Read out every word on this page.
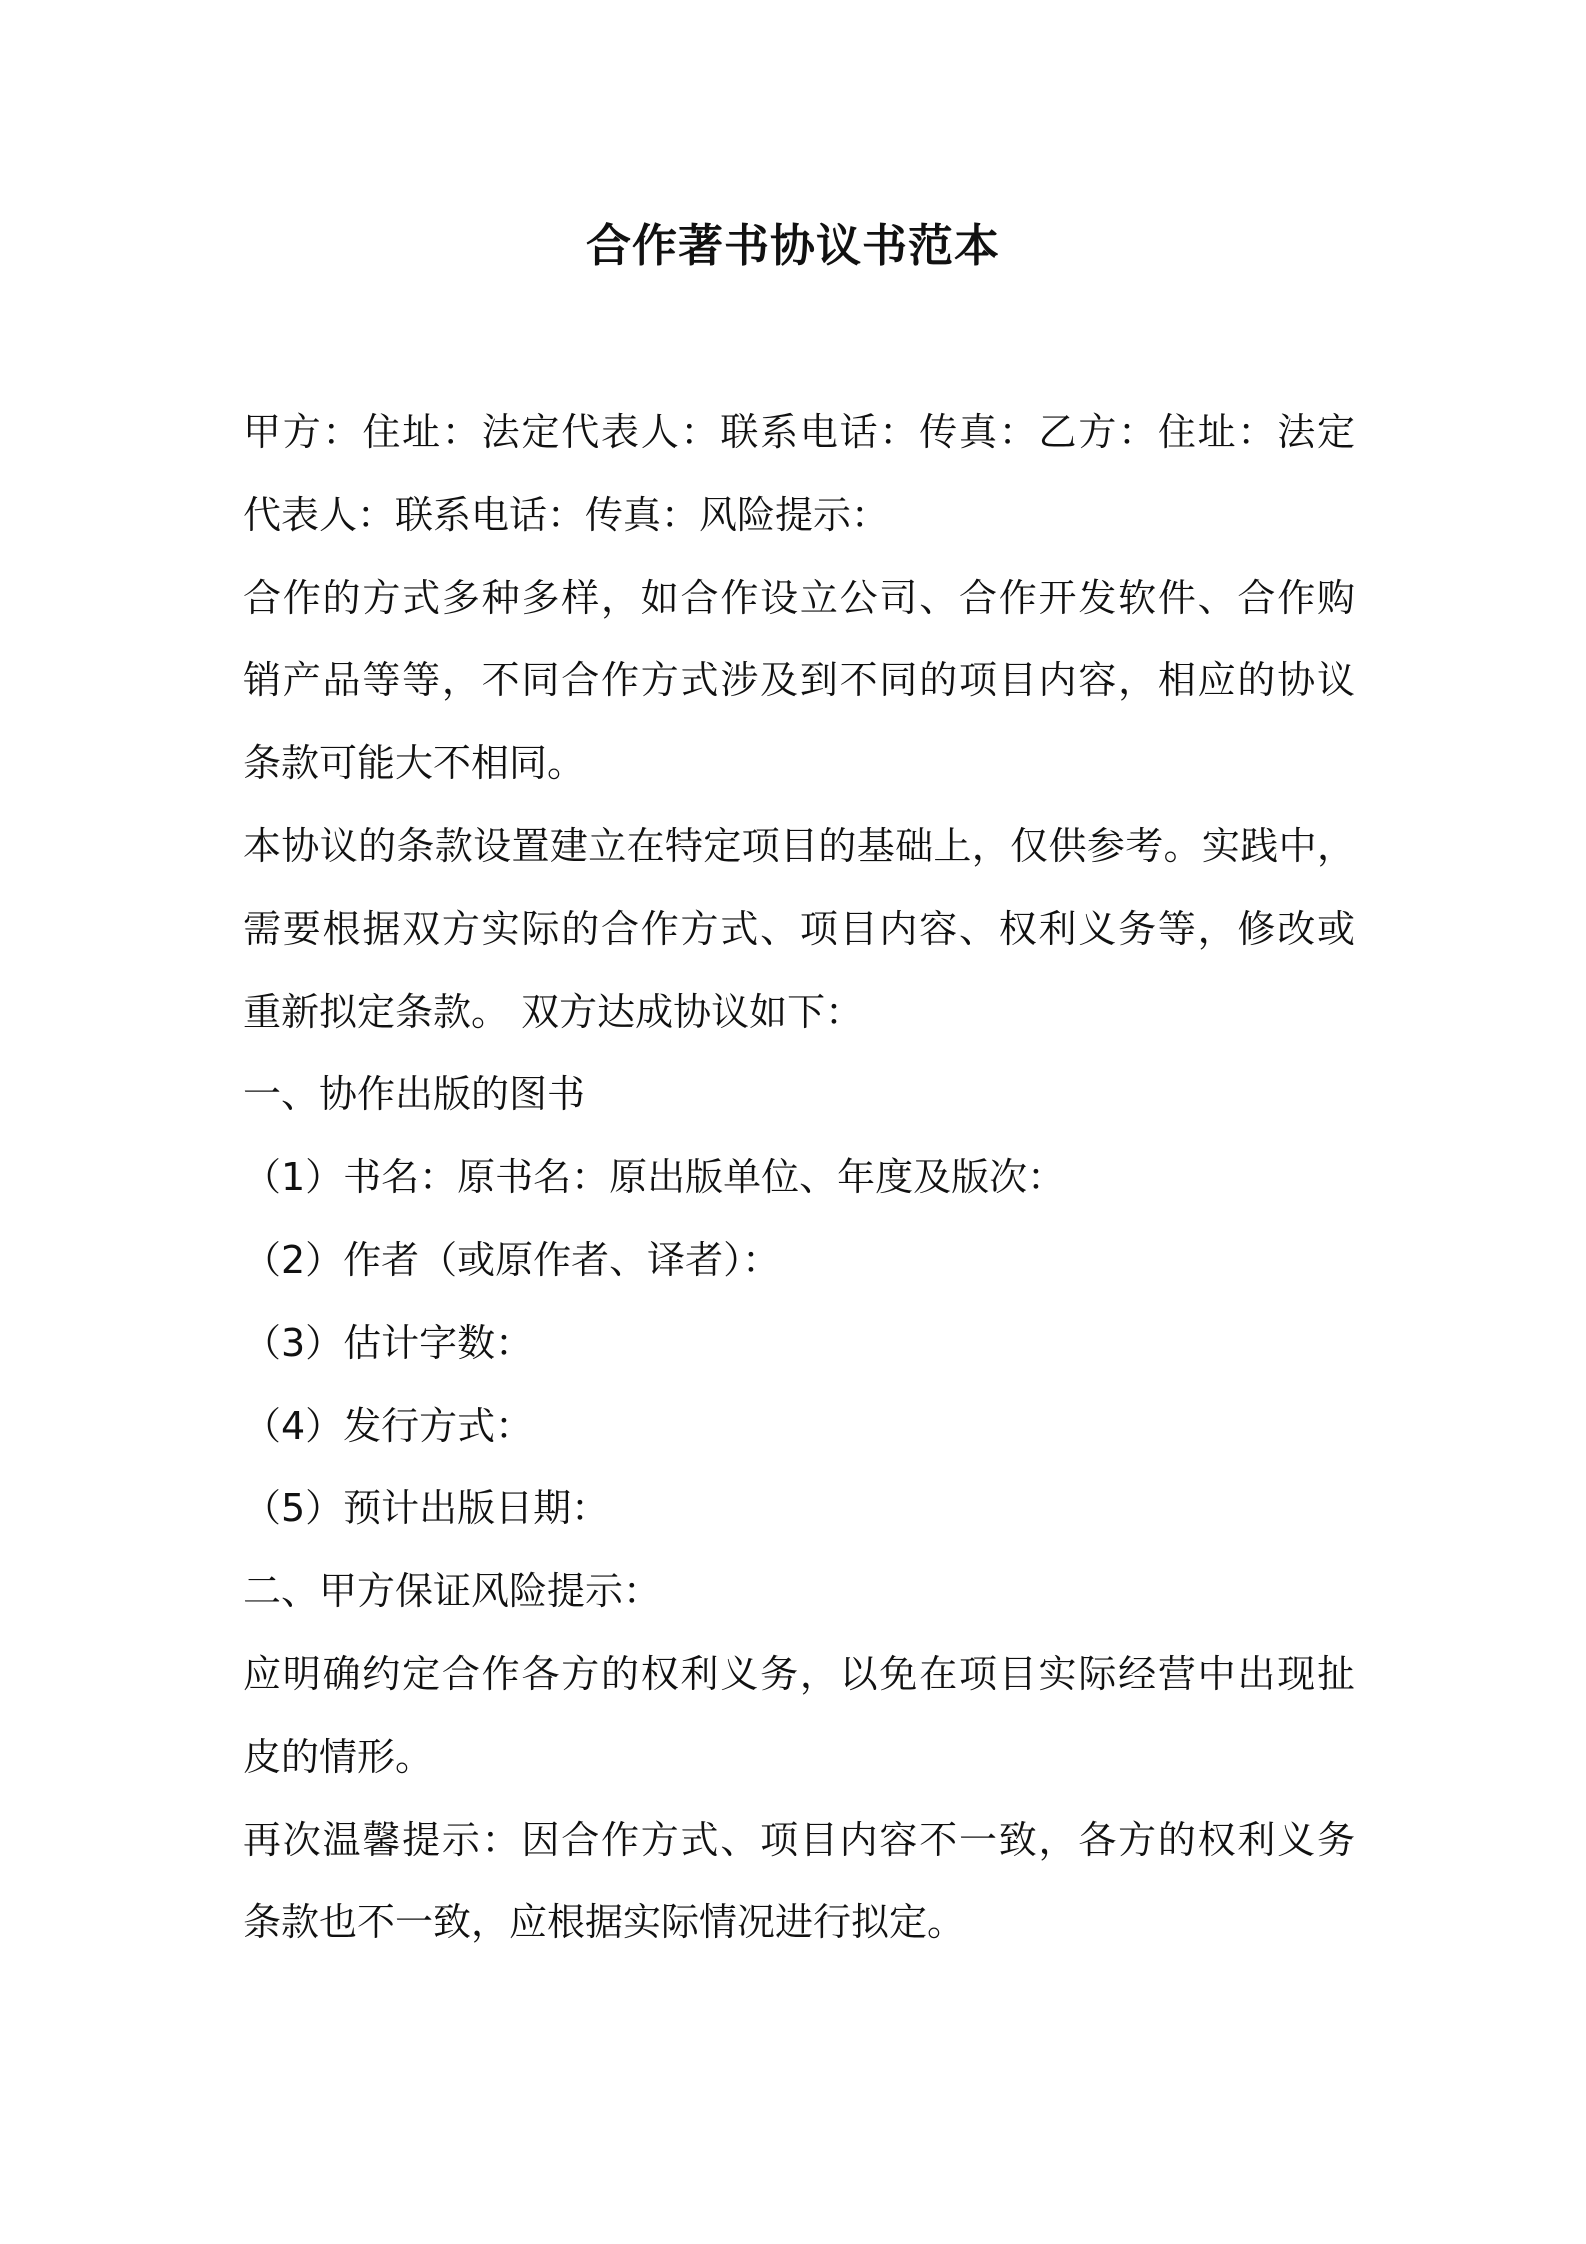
合作著书协议书范本
甲方：住址：法定代表人：联系电话：传真：乙方：住址：法定
代表人：联系电话：传真：风险提示：
合作的方式多种多样，如合作设立公司、合作开发软件、合作购
销产品等等，不同合作方式涉及到不同的项目内容，相应的协议
条款可能大不相同。
本协议的条款设置建立在特定项目的基础上，仅供参考。实践中，
需要根据双方实际的合作方式、项目内容、权利义务等，修改或
重新拟定条款。 双方达成协议如下：
一、协作出版的图书
（1）书名：原书名：原出版单位、年度及版次：
（2）作者（或原作者、译者）：
（3）估计字数：
（4）发行方式：
（5）预计出版日期：
二、甲方保证风险提示：
应明确约定合作各方的权利义务，以免在项目实际经营中出现扯
皮的情形。
再次温馨提示：因合作方式、项目内容不一致，各方的权利义务
条款也不一致，应根据实际情况进行拟定。
